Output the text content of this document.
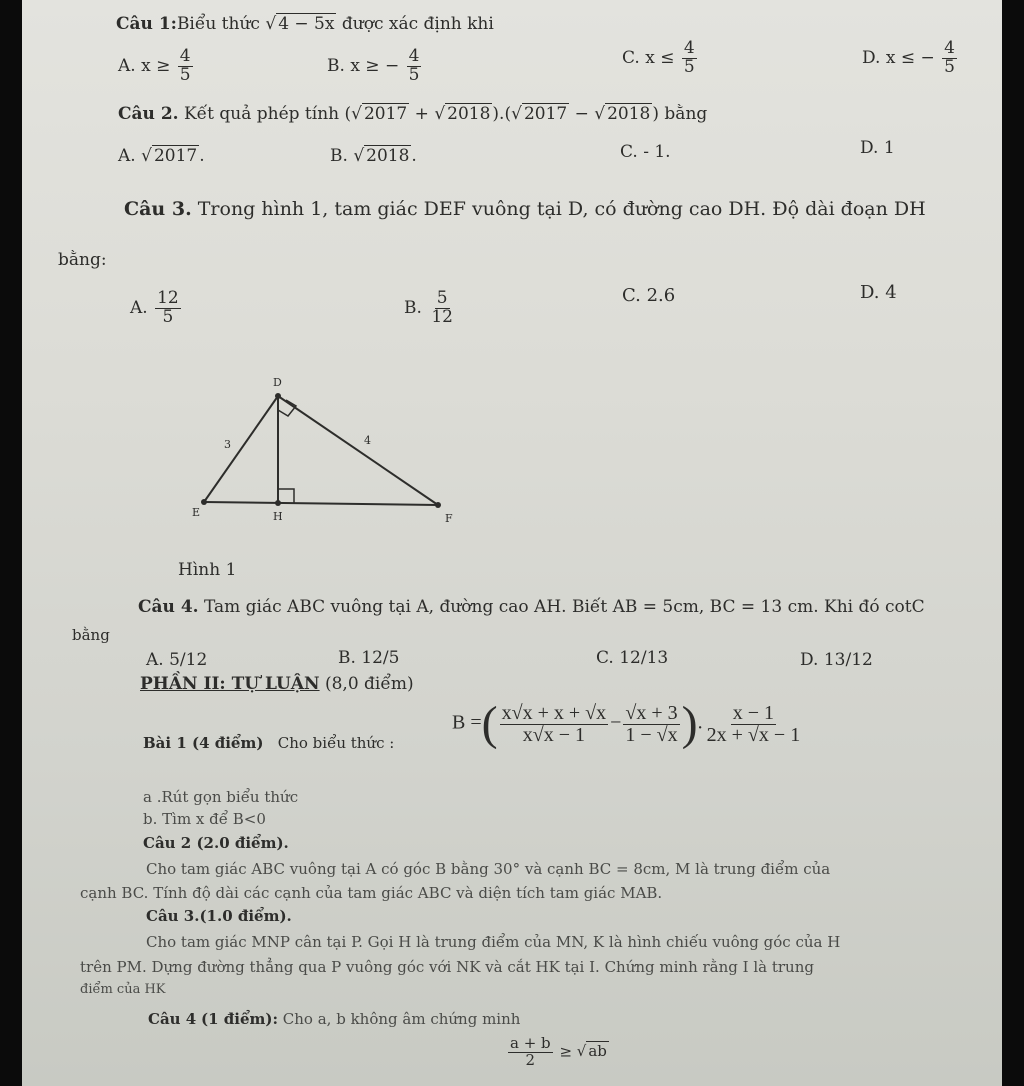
Câu 1:Biểu thức √ 4 − 5x được xác định khi
A. $x \ge \frac{4}{5}$	B. x ≥ − $\frac{4}{5}$	C. $x \le \frac{4}{5}$	D. x ≤ − $\frac{4}{5}$
Câu 2. Kết quả phép tính (√ 2017 + √ 2018 ).(√ 2017 − √ 2018 ) bằng
A. √ 2017 .	B. √ 2018 .	C. - 1.	D. 1
Câu 3. Trong hình 1, tam giác DEF vuông tại D, có đường cao DH. Độ dài đoạn DH
bằng:
A. $\frac{12}{5}$	B. $\frac{5}{12}$	C. 2.6	D. 4
D
E	H	F
3	4
Hình 1
Câu 4. Tam giác ABC vuông tại A, đường cao AH. Biết AB = 5cm, BC = 13 cm. Khi đó cotC
bằng
A. 5/12	B. 12/5	C. 12/13	D. 13/12
PHẦN II: TỰ LUẬN (8,0 điểm)
Bài 1 (4 điểm) Cho biểu thức :
B =( $\frac{x√x + x + √x}{x√x - 1} - \frac{√x + 3}{1 - √x}$ ). $\frac{x - 1}{2x + √x - 1}$
a .Rút gọn biểu thức
b. Tìm x để B<0
Câu 2 (2.0 điểm).
Cho tam giác ABC vuông tại A có góc B bằng 30° và cạnh BC = 8cm, M là trung điểm của
cạnh BC. Tính độ dài các cạnh của tam giác ABC và diện tích tam giác MAB.
Câu 3.(1.0 điểm).
Cho tam giác MNP cân tại P. Gọi H là trung điểm của MN, K là hình chiếu vuông góc của H
trên PM. Dựng đường thẳng qua P vuông góc với NK và cắt HK tại I. Chứng minh rằng I là trung
điểm của HK
Câu 4 (1 điểm): Cho a, b không âm chứng minh
$\frac{a + b}{2}$ ≥ √ ab
